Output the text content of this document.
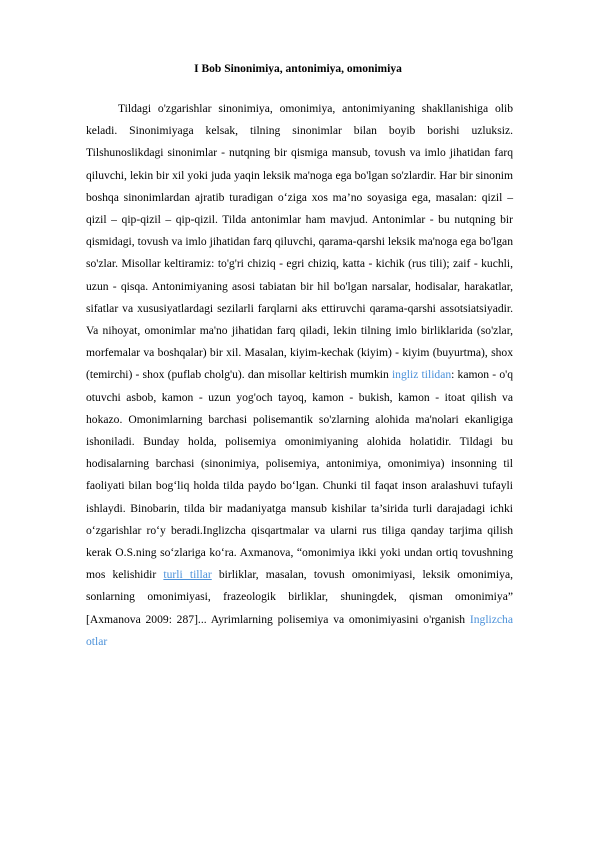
I Bob Sinonimiya, antonimiya, omonimiya

Tildagi o'zgarishlar sinonimiya, omonimiya, antonimiyaning shakllanishiga olib keladi. Sinonimiyaga kelsak, tilning sinonimlar bilan boyib borishi uzluksiz. Tilshunoslikdagi sinonimlar - nutqning bir qismiga mansub, tovush va imlo jihatidan farq qiluvchi, lekin bir xil yoki juda yaqin leksik ma'noga ega bo'lgan so'zlardir. Har bir sinonim boshqa sinonimlardan ajratib turadigan o‘ziga xos ma’no soyasiga ega, masalan: qizil – qizil – qip-qizil – qip-qizil. Tilda antonimlar ham mavjud. Antonimlar - bu nutqning bir qismidagi, tovush va imlo jihatidan farq qiluvchi, qarama-qarshi leksik ma'noga ega bo'lgan so'zlar. Misollar keltiramiz: to'g'ri chiziq - egri chiziq, katta - kichik (rus tili); zaif - kuchli, uzun - qisqa. Antonimiyaning asosi tabiatan bir hil bo'lgan narsalar, hodisalar, harakatlar, sifatlar va xususiyatlardagi sezilarli farqlarni aks ettiruvchi qarama-qarshi assotsiatsiyadir. Va nihoyat, omonimlar ma'no jihatidan farq qiladi, lekin tilning imlo birliklarida (so'zlar, morfemalar va boshqalar) bir xil. Masalan, kiyim-kechak (kiyim) - kiyim (buyurtma), shox (temirchi) - shox (puflab cholg'u). dan misollar keltirish mumkin ingliz tilidan: kamon - o'q otuvchi asbob, kamon - uzun yog'och tayoq, kamon - bukish, kamon - itoat qilish va hokazo. Omonimlarning barchasi polisemantik so'zlarning alohida ma'nolari ekanligiga ishoniladi. Bunday holda, polisemiya omonimiyaning alohida holatidir. Tildagi bu hodisalarning barchasi (sinonimiya, polisemiya, antonimiya, omonimiya) insonning til faoliyati bilan bog‘liq holda tilda paydo bo‘lgan. Chunki til faqat inson aralashuvi tufayli ishlaydi. Binobarin, tilda bir madaniyatga mansub kishilar ta’sirida turli darajadagi ichki o‘zgarishlar ro‘y beradi.Inglizcha qisqartmalar va ularni rus tiliga qanday tarjima qilish kerak O.S.ning so‘zlariga ko‘ra. Axmanova, “omonimiya ikki yoki undan ortiq tovushning mos kelishidir turli tillar birliklar, masalan, tovush omonimiyasi, leksik omonimiya, sonlarning omonimiyasi, frazeologik birliklar, shuningdek, qisman omonimiya” [Axmanova 2009: 287]... Ayrimlarning polisemiya va omonimiyasini o'rganish Inglizcha otlar
